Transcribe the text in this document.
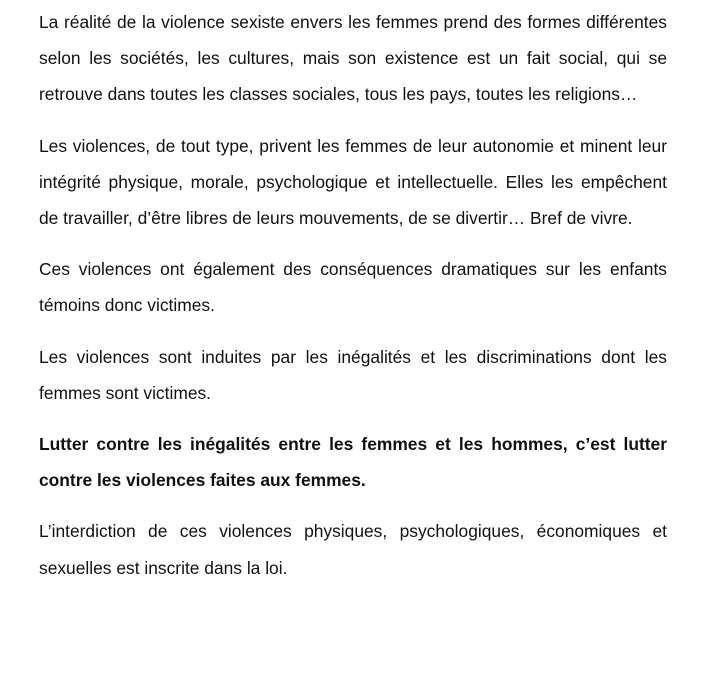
La réalité de la violence sexiste envers les femmes prend des formes différentes selon les sociétés, les cultures, mais son existence est un fait social, qui se retrouve dans toutes les classes sociales, tous les pays, toutes les religions…

Les violences, de tout type, privent les femmes de leur autonomie et minent leur intégrité physique, morale, psychologique et intellectuelle. Elles les empêchent de travailler, d’être libres de leurs mouvements, de se divertir… Bref de vivre.

Ces violences ont également des conséquences dramatiques sur les enfants témoins donc victimes.

Les violences sont induites par les inégalités et les discriminations dont les femmes sont victimes.

Lutter contre les inégalités entre les femmes et les hommes, c’est lutter contre les violences faites aux femmes.

L’interdiction de ces violences physiques, psychologiques, économiques et sexuelles est inscrite dans la loi.
